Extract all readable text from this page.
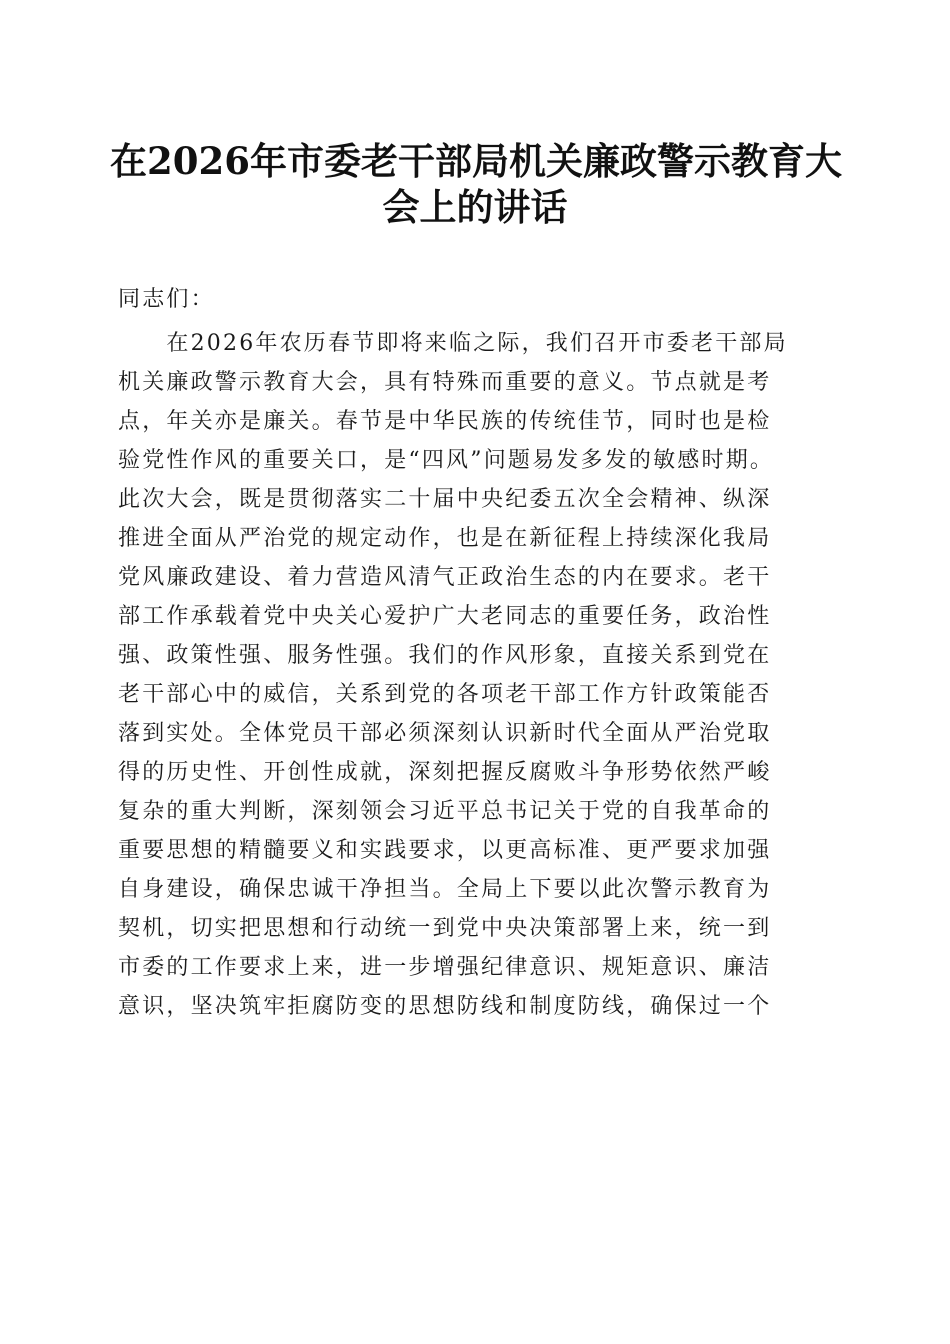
在2026年市委老干部局机关廉政警示教育大
会上的讲话
同志们：
　　在2026年农历春节即将来临之际，我们召开市委老干部局
机关廉政警示教育大会，具有特殊而重要的意义。节点就是考
点，年关亦是廉关。春节是中华民族的传统佳节，同时也是检
验党性作风的重要关口，是“四风”问题易发多发的敏感时期。
此次大会，既是贯彻落实二十届中央纪委五次全会精神、纵深
推进全面从严治党的规定动作，也是在新征程上持续深化我局
党风廉政建设、着力营造风清气正政治生态的内在要求。老干
部工作承载着党中央关心爱护广大老同志的重要任务，政治性
强、政策性强、服务性强。我们的作风形象，直接关系到党在
老干部心中的威信，关系到党的各项老干部工作方针政策能否
落到实处。全体党员干部必须深刻认识新时代全面从严治党取
得的历史性、开创性成就，深刻把握反腐败斗争形势依然严峻
复杂的重大判断，深刻领会习近平总书记关于党的自我革命的
重要思想的精髓要义和实践要求，以更高标准、更严要求加强
自身建设，确保忠诚干净担当。全局上下要以此次警示教育为
契机，切实把思想和行动统一到党中央决策部署上来，统一到
市委的工作要求上来，进一步增强纪律意识、规矩意识、廉洁
意识，坚决筑牢拒腐防变的思想防线和制度防线，确保过一个
